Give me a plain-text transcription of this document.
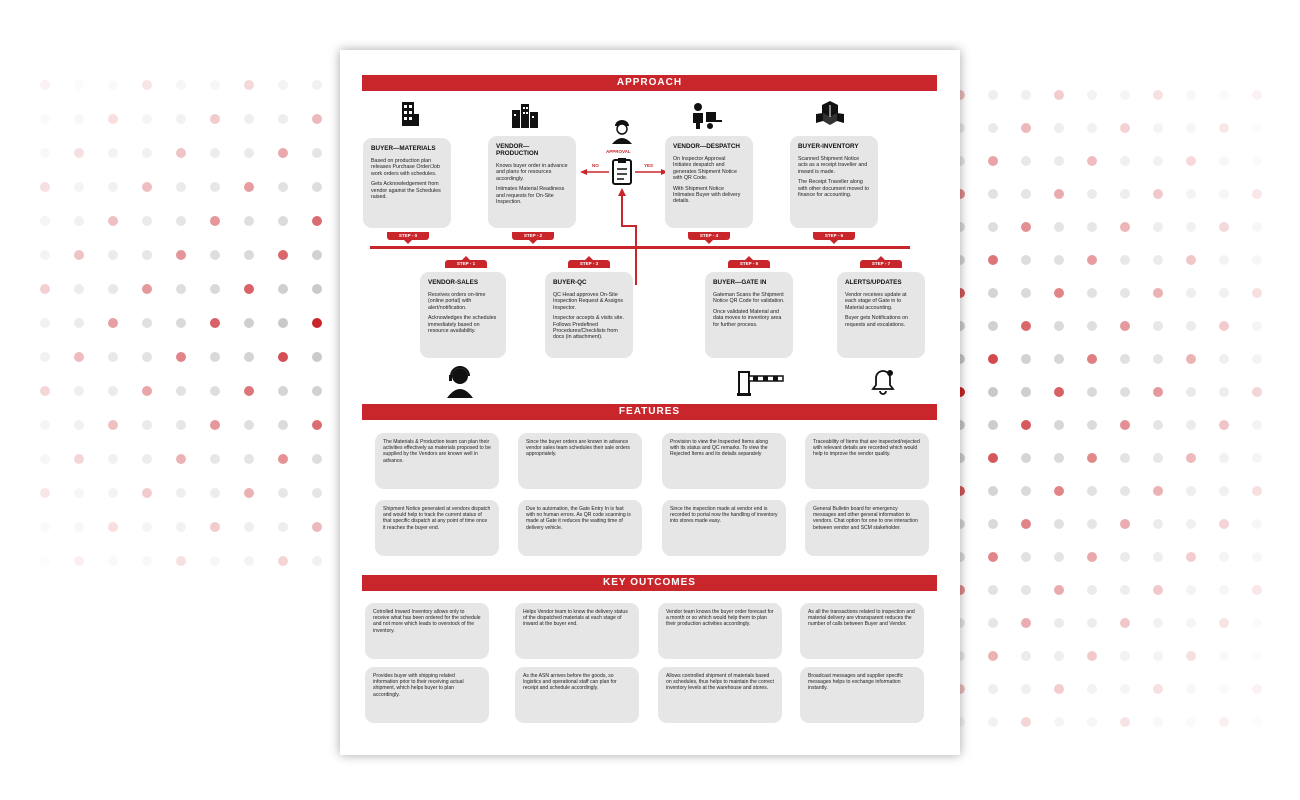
APPROACH
APPROVAL
NO	YES
BUYER—MATERIALS

Based on production plan releases Purchase Order/Job work orders with schedules.

Gets Acknowledgement from vendor against the Schedules raised.

VENDOR—PRODUCTION

Knows buyer order in advance and plans for resources accordingly.

Intimates Material Readiness and requests for On-Site Inspection.

VENDOR—DESPATCH

On Inspector Approval Initiates despatch and generates Shipment Notice with QR Code.

With Shipment Notice Intimates Buyer with delivery details.

BUYER-INVENTORY

Scanned Shipment Notice acts as a receipt traveller and inward is made.

The Receipt Traveller along with other document moved to finance for accounting.

STEP - 0	STEP - 2	STEP - 4	STEP - 6
STEP - 1	STEP - 3	STEP - 5	STEP - 7
VENDOR-SALES

Receives orders on-time (online portal) with alert/notification.

Acknowledges the schedules immediately based on resource availability.

BUYER-QC

QC Head approves On-Site Inspection Request & Assigns Inspector.

Inspector accepts & visits site. Follows Predefined Procedures/Checklists from docs (in attachment).

BUYER—GATE IN

Gateman Scans the Shipment Notice QR Code for validation.

Once validated Material and data moves to inventory area for further process.

ALERTS/UPDATES

Vendor receives update at each stage of Gate in to Material accounting.

Buyer gets Notifications on requests and escalations.

FEATURES

The Materials & Production team can plan their activities effectively as materials proposed to be supplied by the Vendors are known well in advance.

Since the buyer orders are known in advance vendor sales team schedules their sale orders appropriately.

Provision to view the Inspected Items along with its status and QC remarks. To view the Rejected Items and its details separately

Traceability of Items that are inspected/rejected with relevant details are recorded which would help to improve the vendor quality.

Shipment Notice generated at vendors dispatch and would help to track the current status of that specific dispatch at any point of time once it reaches the buyer end.

Due to automation, the Gate Entry In is fast with no human errors. As QR code scanning is made at Gate it reduces the waiting time of delivery vehicle.

Since the inspection made at vendor end is recorded to portal now the handling of inventory into stores made easy.

General Bulletin board for emergency messages and other general information to vendors. Chat option for one to one interaction between vendor and SCM stakeholder.

KEY OUTCOMES

Cotrolled Inward Inventory allows only to receive what has been ordered for the schedule and not more which leads to overstock of the inventory.

Helps Vendor team to know the delivery status of the dispatched materials at each stage of inward at the buyer end.

Vendor team knows the buyer order forecast for a month or so which would help them to plan their production activities accordingly.

As all the transactions related to inspection and material delivery are vtransparent reduces the number of calls between Buyer and Vendor.

Provides buyer with shipping related information prior to their receiving actual shipment, which helps buyer to plan accordingly.

As the ASN arrives before the goods, so logistics and operational staff can plan for receipt and schedule accordingly.

Allows controlled shipment of materials based on schedules, thus helps to maintain the correct inventory levels at the warehouse and stores.

Broadcast messages and supplier specific messages helps to exchange information instantly.
